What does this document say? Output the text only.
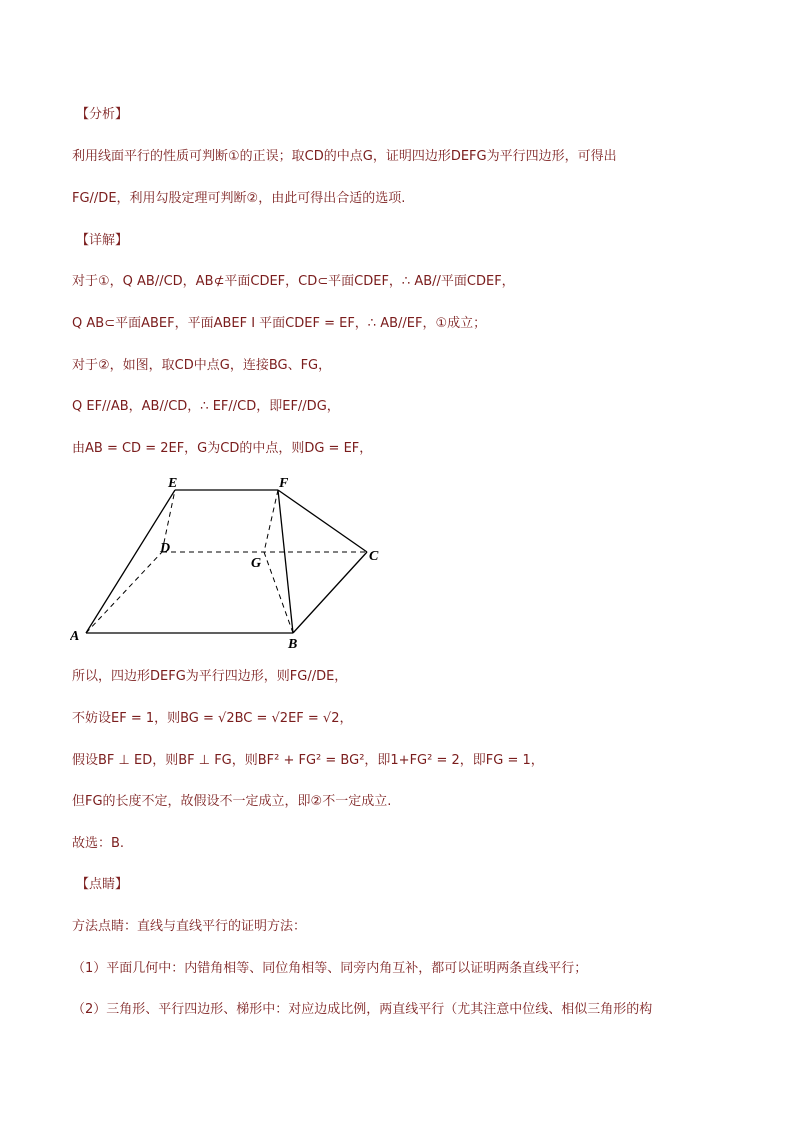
【分析】
利用线面平行的性质可判断①的正误；取CD的中点G，证明四边形DEFG为平行四边形，可得出
FG//DE，利用勾股定理可判断②，由此可得出合适的选项.
【详解】
对于①，Q AB//CD，AB⊄平面CDEF，CD⊂平面CDEF，∴ AB//平面CDEF，
Q AB⊂平面ABEF，平面ABEF I 平面CDEF = EF，∴ AB//EF，①成立；
对于②，如图，取CD中点G，连接BG、FG，
Q EF//AB，AB//CD，∴ EF//CD，即EF//DG，
由AB = CD = 2EF，G为CD的中点，则DG = EF，
A
B
C
D
E	F
G
所以，四边形DEFG为平行四边形，则FG//DE，
不妨设EF = 1，则BG = √2BC = √2EF = √2，
假设BF ⊥ ED，则BF ⊥ FG，则BF² + FG² = BG²，即1+FG² = 2，即FG = 1，
但FG的长度不定，故假设不一定成立，即②不一定成立.
故选：B.
【点睛】
方法点睛：直线与直线平行的证明方法：
（1）平面几何中：内错角相等、同位角相等、同旁内角互补，都可以证明两条直线平行；
（2）三角形、平行四边形、梯形中：对应边成比例，两直线平行（尤其注意中位线、相似三角形的构
